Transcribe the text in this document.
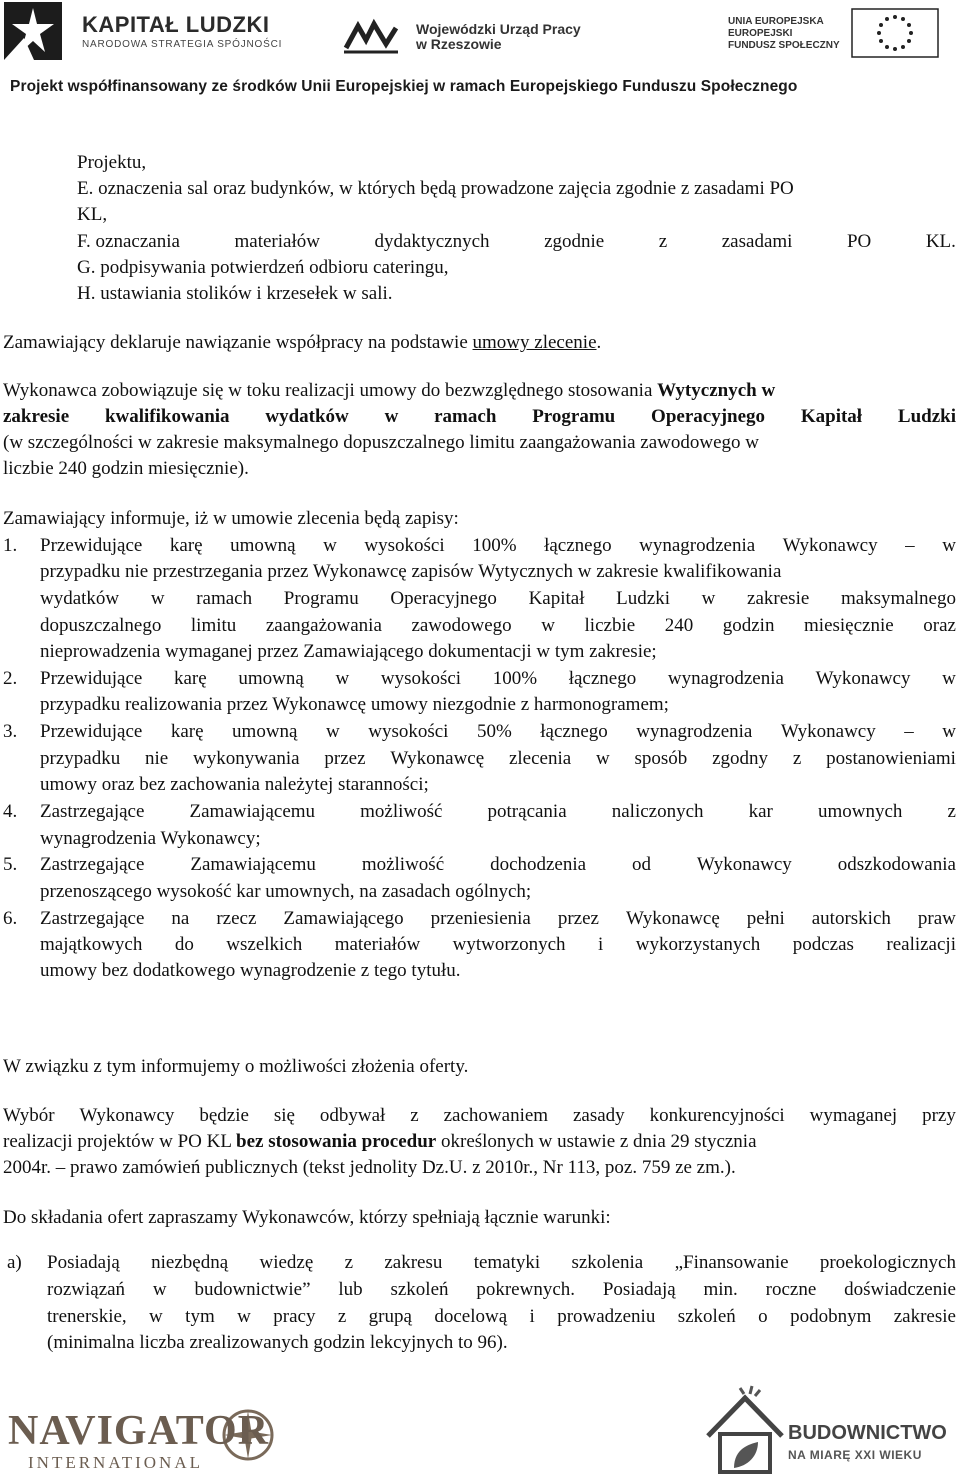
KAPITAŁ LUDZKI
NARODOWA STRATEGIA SPÓJNOŚCI
Wojewódzki Urząd Pracy
w Rzeszowie
UNIA EUROPEJSKA
EUROPEJSKI
FUNDUSZ SPOŁECZNY
Projekt współfinansowany ze środków Unii Europejskiej w ramach Europejskiego Funduszu Społecznego
Projektu,
E. oznaczenia sal oraz budynków, w których będą prowadzone zajęcia zgodnie z zasadami PO
KL,
F. oznaczania	materiałów	dydaktycznych	zgodnie	z	zasadami	PO	KL.
G. podpisywania potwierdzeń odbioru cateringu,
H. ustawiania stolików i krzesełek w sali.
Zamawiający deklaruje nawiązanie współpracy na podstawie umowy zlecenie.
Wykonawca zobowiązuje się w toku realizacji umowy do bezwzględnego stosowania Wytycznych w
zakresie kwalifikowania wydatków w ramach Programu Operacyjnego Kapitał Ludzki
(w szczególności w zakresie maksymalnego dopuszczalnego limitu zaangażowania zawodowego w
liczbie 240 godzin miesięcznie).
Zamawiający informuje, iż w umowie zlecenia będą zapisy:
1. Przewidujące karę umowną w wysokości 100% łącznego wynagrodzenia Wykonawcy – w
przypadku nie przestrzegania przez Wykonawcę zapisów Wytycznych w zakresie kwalifikowania
wydatków w ramach Programu Operacyjnego Kapitał Ludzki w zakresie maksymalnego
dopuszczalnego limitu zaangażowania zawodowego w liczbie 240 godzin miesięcznie oraz
nieprowadzenia wymaganej przez Zamawiającego dokumentacji w tym zakresie;
2. Przewidujące karę umowną w wysokości 100% łącznego wynagrodzenia Wykonawcy w
przypadku realizowania przez Wykonawcę umowy niezgodnie z harmonogramem;
3. Przewidujące karę umowną w wysokości 50% łącznego wynagrodzenia Wykonawcy – w
przypadku nie wykonywania przez Wykonawcę zlecenia w sposób zgodny z postanowieniami
umowy oraz bez zachowania należytej staranności;
4. Zastrzegające Zamawiającemu możliwość potrącania naliczonych kar umownych z
wynagrodzenia Wykonawcy;
5. Zastrzegające Zamawiającemu możliwość dochodzenia od Wykonawcy odszkodowania
przenoszącego wysokość kar umownych, na zasadach ogólnych;
6. Zastrzegające na rzecz Zamawiającego przeniesienia przez Wykonawcę pełni autorskich praw
majątkowych do wszelkich materiałów wytworzonych i wykorzystanych podczas realizacji
umowy bez dodatkowego wynagrodzenie z tego tytułu.
W związku z tym informujemy o możliwości złożenia oferty.
Wybór Wykonawcy będzie się odbywał z zachowaniem zasady konkurencyjności wymaganej przy
realizacji projektów w PO KL bez stosowania procedur określonych w ustawie z dnia 29 stycznia
2004r. – prawo zamówień publicznych (tekst jednolity Dz.U. z 2010r., Nr 113, poz. 759 ze zm.).
Do składania ofert zapraszamy Wykonawców, którzy spełniają łącznie warunki:
a) Posiadają niezbędną wiedzę z zakresu tematyki szkolenia „Finansowanie proekologicznych
rozwiązań w budownictwie” lub szkoleń pokrewnych. Posiadają min. roczne doświadczenie
trenerskie, w tym w pracy z grupą docelową i prowadzeniu szkoleń o podobnym zakresie
(minimalna liczba zrealizowanych godzin lekcyjnych to 96).
NAVIGATOR
INTERNATIONAL
BUDOWNICTWO
NA MIARĘ XXI WIEKU
